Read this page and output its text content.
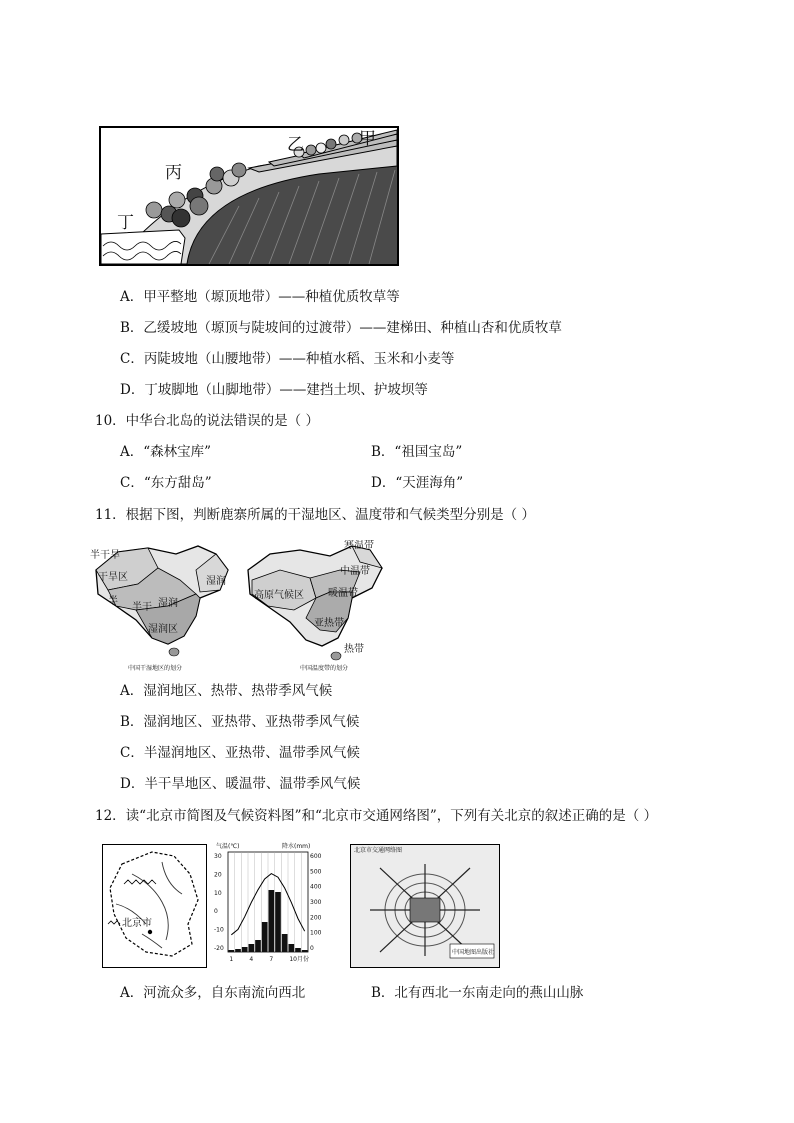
丁
丙
乙	甲
A．甲平整地（塬顶地带）——种植优质牧草等
B．乙缓坡地（塬顶与陡坡间的过渡带）——建梯田、种植山杏和优质牧草
C．丙陡坡地（山腰地带）——种植水稻、玉米和小麦等
D．丁坡脚地（山脚地带）——建挡土坝、护坡坝等
10．中华台北岛的说法错误的是（ ）
A．“森林宝库”	B．“祖国宝岛”
C．“东方甜岛”	D．“天涯海角”
11．根据下图，判断鹿寨所属的干湿地区、温度带和气候类型分别是（ ）
半干旱
干旱区
半
半干 湿润
湿润区
湿润
中国干湿地区的划分
寒温带
中温带
高原气候区 暖温带
亚热带
热带
中国温度带的划分
A．湿润地区、热带、热带季风气候
B．湿润地区、亚热带、亚热带季风气候
C．半湿润地区、亚热带、温带季风气候
D．半干旱地区、暖温带、温带季风气候
12．读“北京市简图及气候资料图”和“北京市交通网络图”，下列有关北京的叙述正确的是（ ）
北京市
气温(℃)	降水(mm)
30
20
10
0
-10
-20
600
500
400
300
200
100
0
1	4	7	10月份
北京市交通网络图
中国地图出版社
A．河流众多，自东南流向西北	B．北有西北一东南走向的燕山山脉
